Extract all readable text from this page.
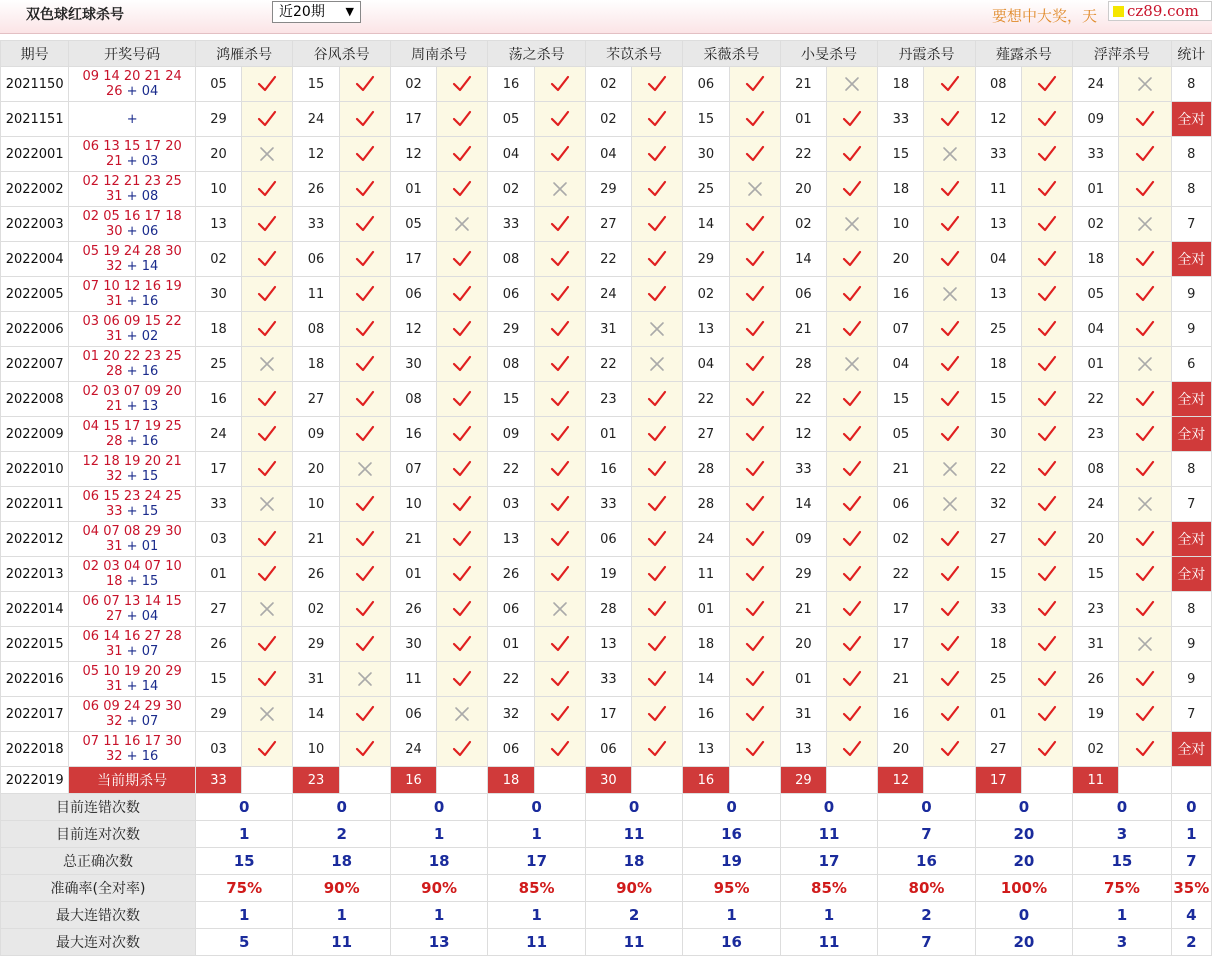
双色球红球杀号	近20期 ▼	要想中大奖，天	cz89.com
期号	开奖号码	鸿雁杀号		谷风杀号		周南杀号		荡之杀号		芣苡杀号		采薇杀号		小旻杀号		丹霞杀号		薤露杀号		浮萍杀号		统计
2021150	09 14 20 21 24
26 + 04	05		15		02		16		02		06		21		18		08		24		8
2021151	+	29		24		17		05		02		15		01		33		12		09		全对
2022001	06 13 15 17 20
21 + 03	20		12		12		04		04		30		22		15		33		33		8
2022002	02 12 21 23 25
31 + 08	10		26		01		02		29		25		20		18		11		01		8
2022003	02 05 16 17 18
30 + 06	13		33		05		33		27		14		02		10		13		02		7
2022004	05 19 24 28 30
32 + 14	02		06		17		08		22		29		14		20		04		18		全对
2022005	07 10 12 16 19
31 + 16	30		11		06		06		24		02		06		16		13		05		9
2022006	03 06 09 15 22
31 + 02	18		08		12		29		31		13		21		07		25		04		9
2022007	01 20 22 23 25
28 + 16	25		18		30		08		22		04		28		04		18		01		6
2022008	02 03 07 09 20
21 + 13	16		27		08		15		23		22		22		15		15		22		全对
2022009	04 15 17 19 25
28 + 16	24		09		16		09		01		27		12		05		30		23		全对
2022010	12 18 19 20 21
32 + 15	17		20		07		22		16		28		33		21		22		08		8
2022011	06 15 23 24 25
33 + 15	33		10		10		03		33		28		14		06		32		24		7
2022012	04 07 08 29 30
31 + 01	03		21		21		13		06		24		09		02		27		20		全对
2022013	02 03 04 07 10
18 + 15	01		26		01		26		19		11		29		22		15		15		全对
2022014	06 07 13 14 15
27 + 04	27		02		26		06		28		01		21		17		33		23		8
2022015	06 14 16 27 28
31 + 07	26		29		30		01		13		18		20		17		18		31		9
2022016	05 10 19 20 29
31 + 14	15		31		11		22		33		14		01		21		25		26		9
2022017	06 09 24 29 30
32 + 07	29		14		06		32		17		16		31		16		01		19		7
2022018	07 11 16 17 30
32 + 16	03		10		24		06		06		13		13		20		27		02		全对
2022019	当前期杀号	33		23		16		18		30		16		29		12		17		11		
目前连错次数		0		0		0		0		0		0		0		0		0		0		0
目前连对次数		1		2		1		1		11		16		11		7		20		3		1
总正确次数		15		18		18		17		18		19		17		16		20		15		7
准确率(全对率)		75%		90%		90%		85%		90%		95%		85%		80%		100%		75%		35%
最大连错次数		1		1		1		1		2		1		1		2		0		1		4
最大连对次数		5		11		13		11		11		16		11		7		20		3		2
